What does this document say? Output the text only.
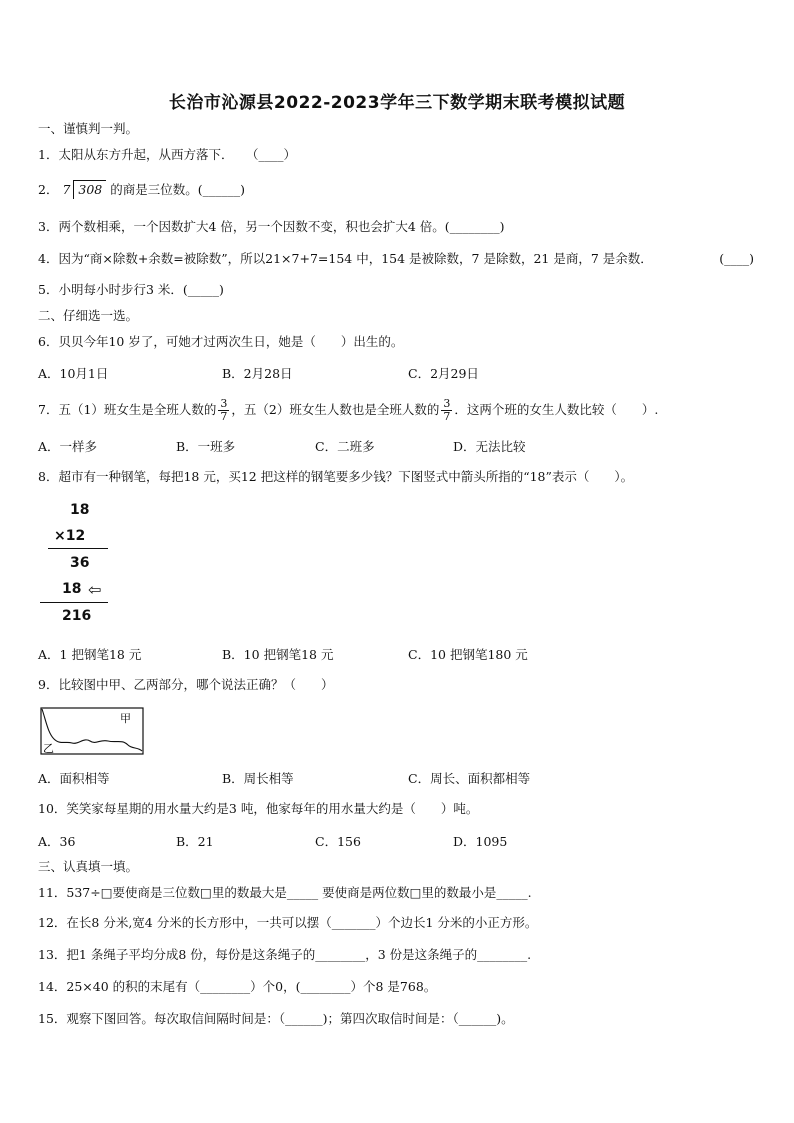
长治市沁源县2022-2023学年三下数学期末联考模拟试题
一、谨慎判一判。
1．太阳从东方升起，从西方落下．　　（____）
2． 7 308 的商是三位数。(______)
3．两个数相乘，一个因数扩大4 倍，另一个因数不变，积也会扩大4 倍。(________)
4．因为“商×除数+余数=被除数”，所以21×7+7=154 中，154 是被除数，7 是除数，21 是商，7 是余数．	(____)
5．小明每小时步行3 米．(_____)
二、仔细选一选。
6．贝贝今年10 岁了，可她才过两次生日，她是（　　）出生的。
A．10月1日	B．2月28日	C．2月29日
7．五（1）班女生是全班人数的 $\frac{3}{7}$ ，五（2）班女生人数也是全班人数的 $\frac{3}{7}$ ．这两个班的女生人数比较（　　）.
A．一样多	B．一班多	C．二班多	D．无法比较
8．超市有一种钢笔，每把18 元，买12 把这样的钢笔要多少钱？下图竖式中箭头所指的“18”表示（　　）。
18
×12
36
18 ⇦
216
A．1 把钢笔18 元	B．10 把钢笔18 元	C．10 把钢笔180 元
9．比较图中甲、乙两部分，哪个说法正确？（　　）
甲
乙
A．面积相等	B．周长相等	C．周长、面积都相等
10．笑笑家每星期的用水量大约是3 吨，他家每年的用水量大约是（　　）吨。
A．36	B．21	C．156	D．1095
三、认真填一填。
11．537÷□要使商是三位数□里的数最大是_____ 要使商是两位数□里的数最小是_____.
12．在长8 分米,宽4 分米的长方形中，一共可以摆（_______）个边长1 分米的小正方形。
13．把1 条绳子平均分成8 份，每份是这条绳子的________，3 份是这条绳子的________.
14．25×40 的积的末尾有（________）个0，(________）个8 是768。
15．观察下图回答。每次取信间隔时间是：（______)；第四次取信时间是：（______)。
